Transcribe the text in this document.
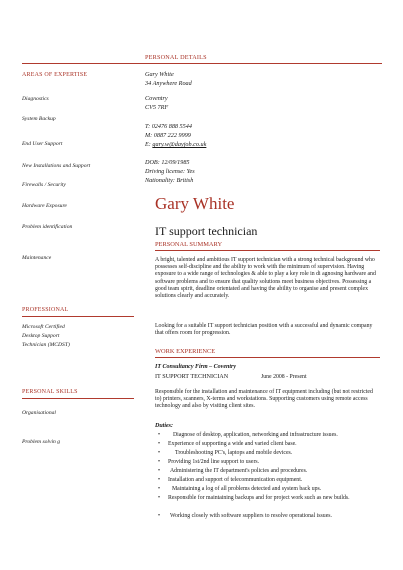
PERSONAL DETAILS
AREAS OF EXPERTISE	Gary White
34 Anywhere Road
Coventry
CV5 7RF
T: 02476 888 5544
M: 0887 222 9999
E: gary.w@dayjob.co.uk
DOB: 12/09/1985
Driving license: Yes
Nationality: British
Diagnostics
System Backup
End User Support
New Installations and Support
Firewalls / Security
Hardware Exposure
Problem identification
Maintenance
Gary White
IT support technician
PERSONAL SUMMARY
A bright, talented and ambitious IT support technician with a strong technical background who possesses self-discipline and the ability to work with the minimum of supervision. Having exposure to a wide range of technologies & able to play a key role in di agnosing hardware and software problems and to ensure that quality solutions meet business objectives. Possessing a good team spirit, deadline orientated and having the ability to organise and present complex solutions clearly and accurately.
Looking for a suitable IT support technician position with a successful and dynamic company that offers room for progression.
PROFESSIONAL
Microsoft Certified
Desktop Support
Technician (MCDST)
WORK EXPERIENCE
IT Consultancy Firm – Coventry
IT SUPPORT TECHNICIAN	June 2008 - Present
Responsible for the installation and maintenance of IT equipment including (but not restricted to) printers, scanners, X-terms and workstations. Supporting customers using remote access technology and also by visiting client sites.
PERSONAL SKILLS
Organisational
Problem solvin g
Duties:
• Diagnose of desktop, application, networking and infrastructure issues.
• Experience of supporting a wide and varied client base.
•	Troubleshooting PC's, laptops and mobile devices.
• Providing 1st/2nd line support to users.
• Administering the IT department's policies and procedures.
• Installation and support of telecommunication equipment.
• Maintaining a log of all problems detected and system back ups.
• Responsible for maintaining backups and for project work such as new builds.
• Working closely with software suppliers to resolve operational issues.
